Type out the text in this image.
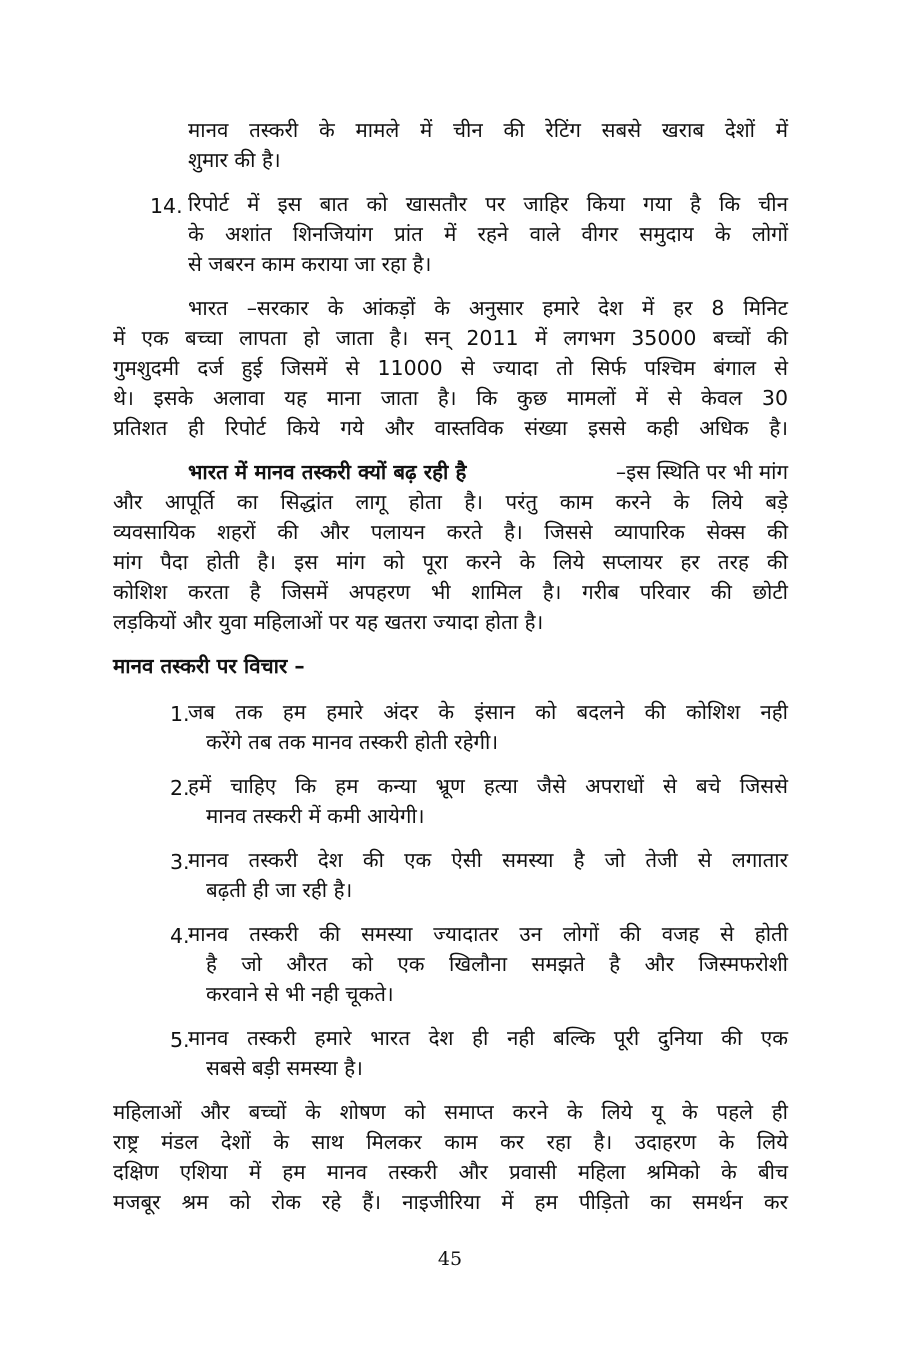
मानव तस्करी के मामले में चीन की रेटिंग सबसे खराब देशों में
शुमार की है।
14. रिपोर्ट में इस बात को खासतौर पर जाहिर किया गया है कि चीन
के अशांत शिनजियांग प्रांत में रहने वाले वीगर समुदाय के लोगों
से जबरन काम कराया जा रहा है।
भारत –सरकार के आंकड़ों के अनुसार हमारे देश में हर 8 मिनिट
में एक बच्चा लापता हो जाता है। सन् 2011 में लगभग 35000 बच्चों की
गुमशुदमी दर्ज हुई जिसमें से 11000 से ज्यादा तो सिर्फ पश्चिम बंगाल से
थे। इसके अलावा यह माना जाता है। कि कुछ मामलों में से केवल 30
प्रतिशत ही रिपोर्ट किये गये और वास्तविक संख्या इससे कही अधिक है।
भारत में मानव तस्करी क्यों बढ़ रही है	–इस स्थिति पर भी मांग
और आपूर्ति का सिद्धांत लागू होता है। परंतु काम करने के लिये बड़े
व्यवसायिक शहरों की और पलायन करते है। जिससे व्यापारिक सेक्स की
मांग पैदा होती है। इस मांग को पूरा करने के लिये सप्लायर हर तरह की
कोशिश करता है जिसमें अपहरण भी शामिल है। गरीब परिवार की छोटी
लड़कियों और युवा महिलाओं पर यह खतरा ज्यादा होता है।
मानव तस्करी पर विचार –
1.
जब तक हम हमारे अंदर के इंसान को बदलने की कोशिश नही
करेंगे तब तक मानव तस्करी होती रहेगी।
2.
हमें चाहिए कि हम कन्या भ्रूण हत्या जैसे अपराधों से बचे जिससे
मानव तस्करी में कमी आयेगी।
3.
मानव तस्करी देश की एक ऐसी समस्या है जो तेजी से लगातार
बढ़ती ही जा रही है।
4.
मानव तस्करी की समस्या ज्यादातर उन लोगों की वजह से होती
है जो औरत को एक खिलौना समझते है और जिस्मफरोशी
करवाने से भी नही चूकते।
5.
मानव तस्करी हमारे भारत देश ही नही बल्कि पूरी दुनिया की एक
सबसे बड़ी समस्या है।
महिलाओं और बच्चों के शोषण को समाप्त करने के लिये यू के पहले ही
राष्ट्र मंडल देशों के साथ मिलकर काम कर रहा है। उदाहरण के लिये
दक्षिण एशिया में हम मानव तस्करी और प्रवासी महिला श्रमिको के बीच
मजबूर श्रम को रोक रहे हैं। नाइजीरिया में हम पीड़ितो का समर्थन कर
45
